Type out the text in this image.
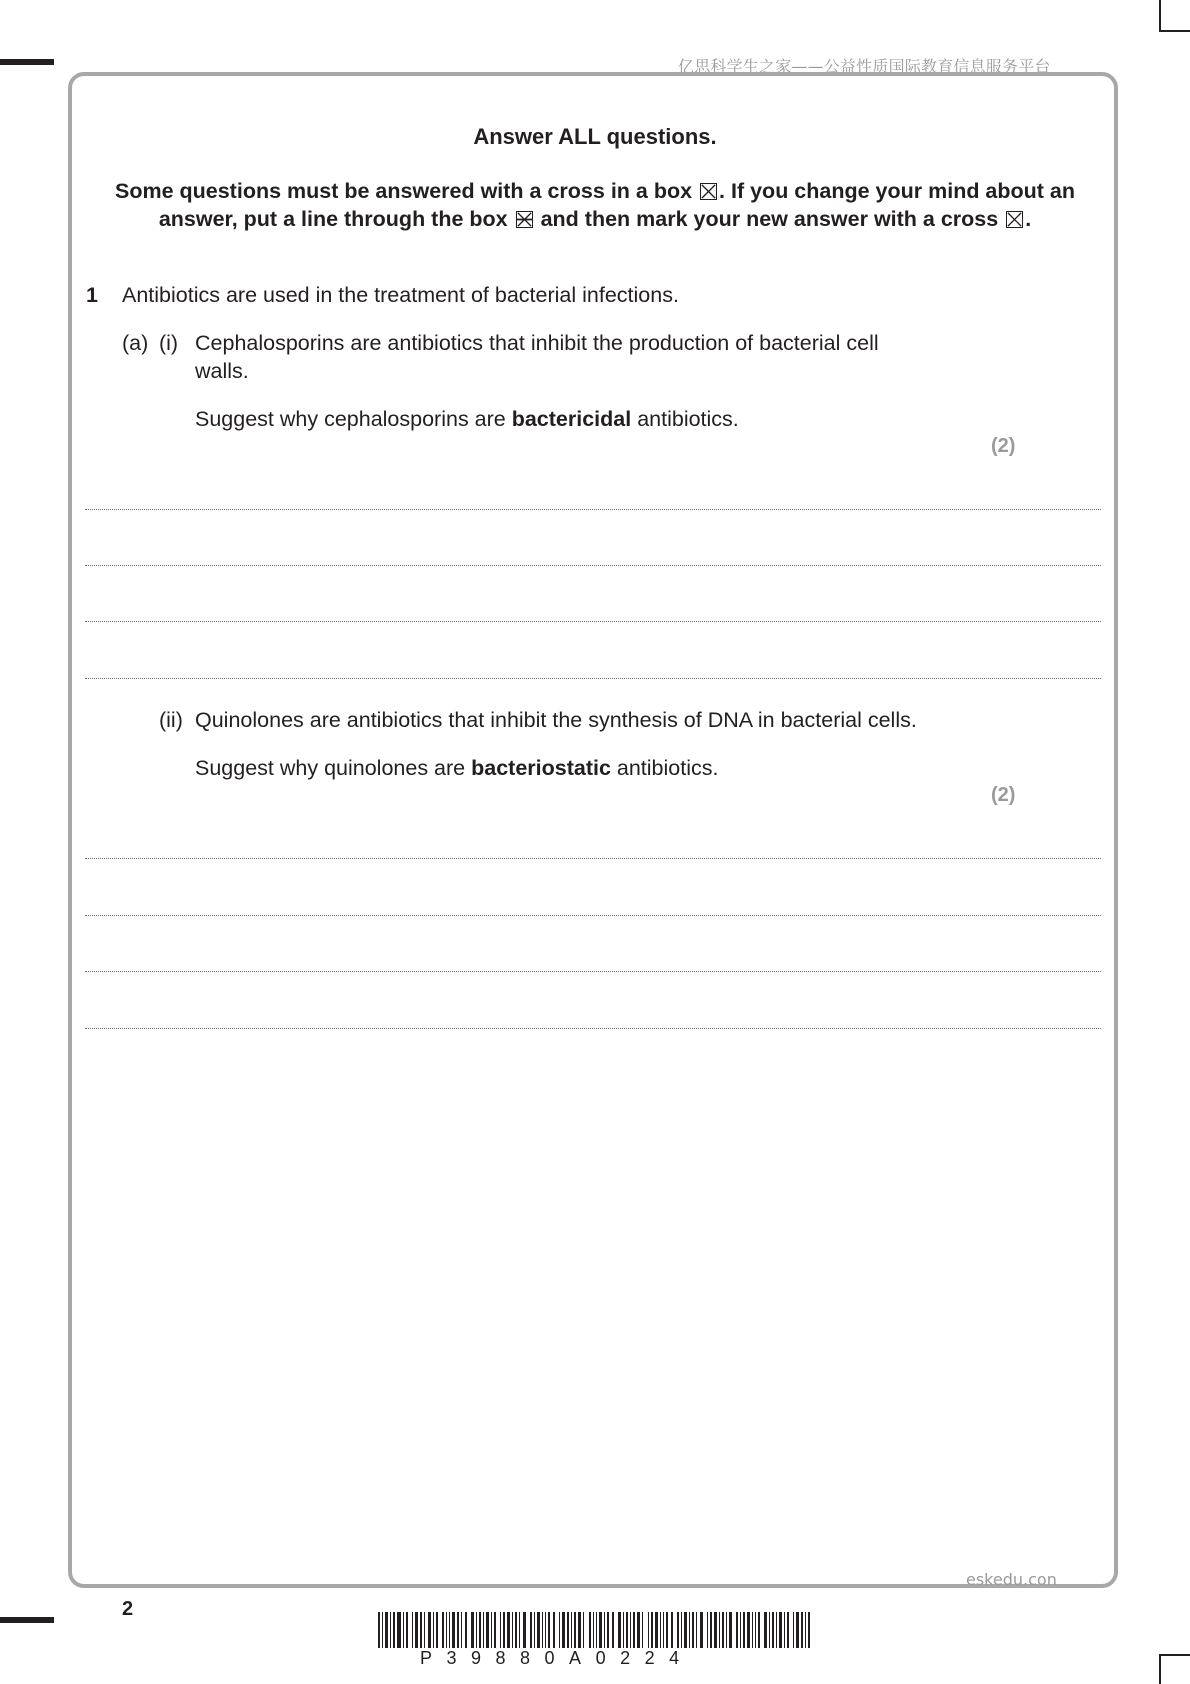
亿思科学生之家——公益性质国际教育信息服务平台
Answer ALL questions.
Some questions must be answered with a cross in a box ☒ . If you change your mind about an
answer, put a line through the box and then mark your new answer with a cross ☒ .
1 Antibiotics are used in the treatment of bacterial infections.
(a) (i) Cephalosporins are antibiotics that inhibit the production of bacterial cell
walls.
Suggest why cephalosporins are bactericidal antibiotics.
(2)
(ii) Quinolones are antibiotics that inhibit the synthesis of DNA in bacterial cells.
Suggest why quinolones are bacteriostatic antibiotics.
(2)
eskedu.con
2
P39880A0224
